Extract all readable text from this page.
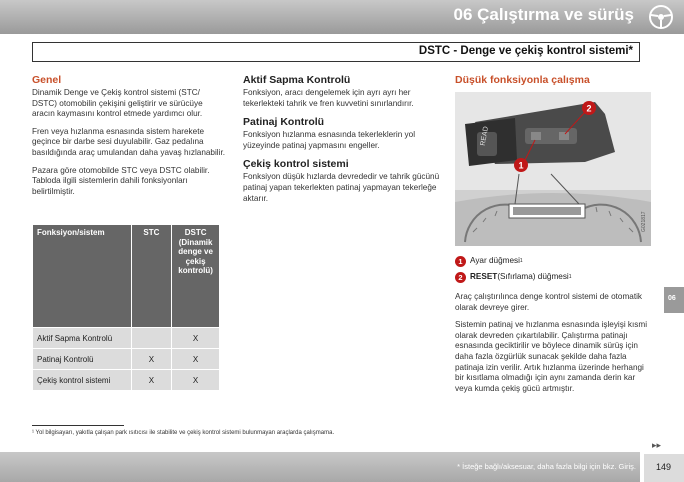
06 Çalıştırma ve sürüş
DSTC - Denge ve çekiş kontrol sistemi*
Genel

Dinamik Denge ve Çekiş kontrol sistemi (STC/ DSTC) otomobilin çekişini geliştirir ve sürücüye aracın kaymasını kontrol etmede yardımcı olur.

Fren veya hızlanma esnasında sistem harekete geçince bir darbe sesi duyulabilir. Gaz pedalına basıldığında araç umulandan daha yavaş hızlanabilir.

Pazara göre otomobilde STC veya DSTC olabilir. Tabloda ilgili sistemlerin dahili fonksiyonları belirtilmiştir.

Fonksiyon/sistem	STC	DSTC (Dinamik denge ve çekiş kontrolü)
Aktif Sapma Kontrolü		X
Patinaj Kontrolü	X	X
Çekiş kontrol sistemi	X	X
Aktif Sapma Kontrolü

Fonksiyon, aracı dengelemek için ayrı ayrı her tekerlekteki tahrik ve fren kuvvetini sınırlandırır.

Patinaj Kontrolü

Fonksiyon hızlanma esnasında tekerleklerin yol yüzeyinde patinaj yapmasını engeller.

Çekiş kontrol sistemi

Fonksiyon düşük hızlarda devrededir ve tahrik gücünü patinaj yapan tekerlekten patinaj yapmayan tekerleğe aktarır.

Düşük fonksiyonla çalışma
READ
1
2
G021817
1 Ayar düğmesi 1
2 RESET (Sıfırlama) düğmesi 1

Araç çalıştırılınca denge kontrol sistemi de otomatik olarak devreye girer.

Sistemin patinaj ve hızlanma esnasında işleyişi kısmi olarak devreden çıkartılabilir. Çalıştırma patinajı esnasında geciktirilir ve böylece dinamik sürüş için daha fazla özgürlük sunacak şekilde daha fazla patinaja izin verilir. Artık hızlanma üzerinde herhangi bir kısıtlama olmadığı için aynı zamanda derin kar veya kumda çekiş gücü artmıştır.

¹ Yol bilgisayarı, yakıtla çalışan park ısıtıcısı ile stabilite ve çekiş kontrol sistemi bulunmayan araçlarda çalışmama.
06
▸▸
* İsteğe bağlı/aksesuar, daha fazla bilgi için bkz. Giriş. 149
